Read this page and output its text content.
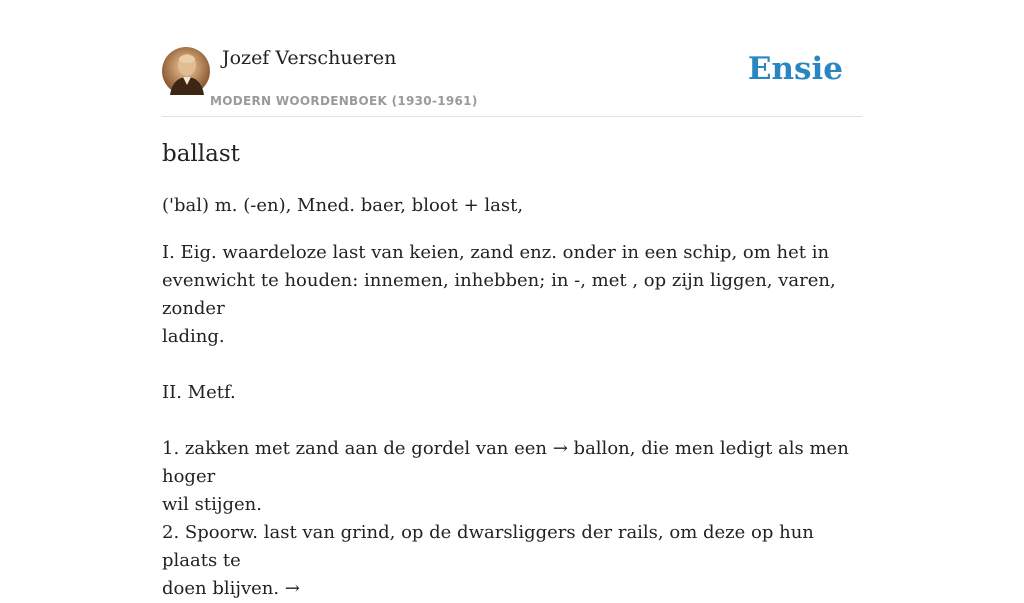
Jozef Verschueren
MODERN WOORDENBOEK (1930-1961)
Ensie
ballast
('bal) m. (-en), Mned. baer, bloot + last,
I. Eig. waardeloze last van keien, zand enz. onder in een schip, om het in
evenwicht te houden: innemen, inhebben; in -, met , op zijn liggen, varen, zonder
lading.

II. Metf.

1. zakken met zand aan de gordel van een → ballon, die men ledigt als men hoger
wil stijgen.
2. Spoorw. last van grind, op de dwarsliggers der rails, om deze op hun plaats te
doen blijven. →
